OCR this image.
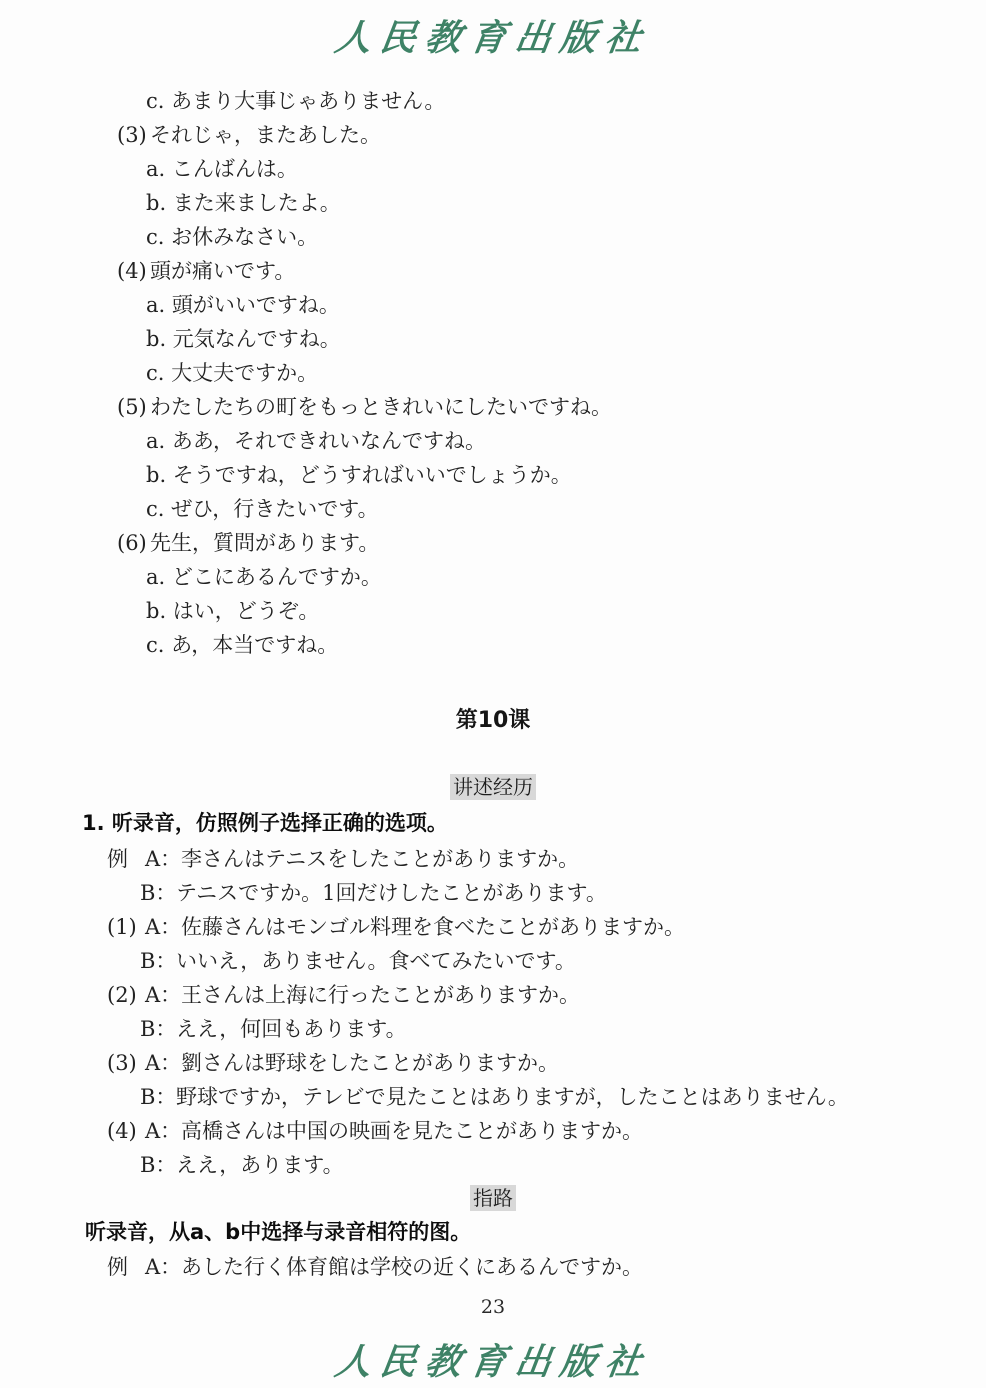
人民教育出版社
c. あまり大事じゃありません。
(3) それじゃ，またあした。
a. こんばんは。
b. また来ましたよ。
c. お休みなさい。
(4) 頭が痛いです。
a. 頭がいいですね。
b. 元気なんですね。
c. 大丈夫ですか。
(5) わたしたちの町をもっときれいにしたいですね。
a. ああ，それできれいなんですね。
b. そうですね，どうすればいいでしょうか。
c. ぜひ，行きたいです。
(6) 先生，質問があります。
a. どこにあるんですか。
b. はい，どうぞ。
c. あ，本当ですね。
第10课
讲述经历
1. 听录音，仿照例子选择正确的选项。
例 A：李さんはテニスをしたことがありますか。
B：テニスですか。1回だけしたことがあります。
(1) A：佐藤さんはモンゴル料理を食べたことがありますか。
B：いいえ，ありません。食べてみたいです。
(2) A：王さんは上海に行ったことがありますか。
B：ええ，何回もあります。
(3) A：劉さんは野球をしたことがありますか。
B：野球ですか，テレビで見たことはありますが，したことはありません。
(4) A：高橋さんは中国の映画を見たことがありますか。
B：ええ，あります。
指路
听录音，从a、b中选择与录音相符的图。
例 A：あした行く体育館は学校の近くにあるんですか。
23
人民教育出版社
